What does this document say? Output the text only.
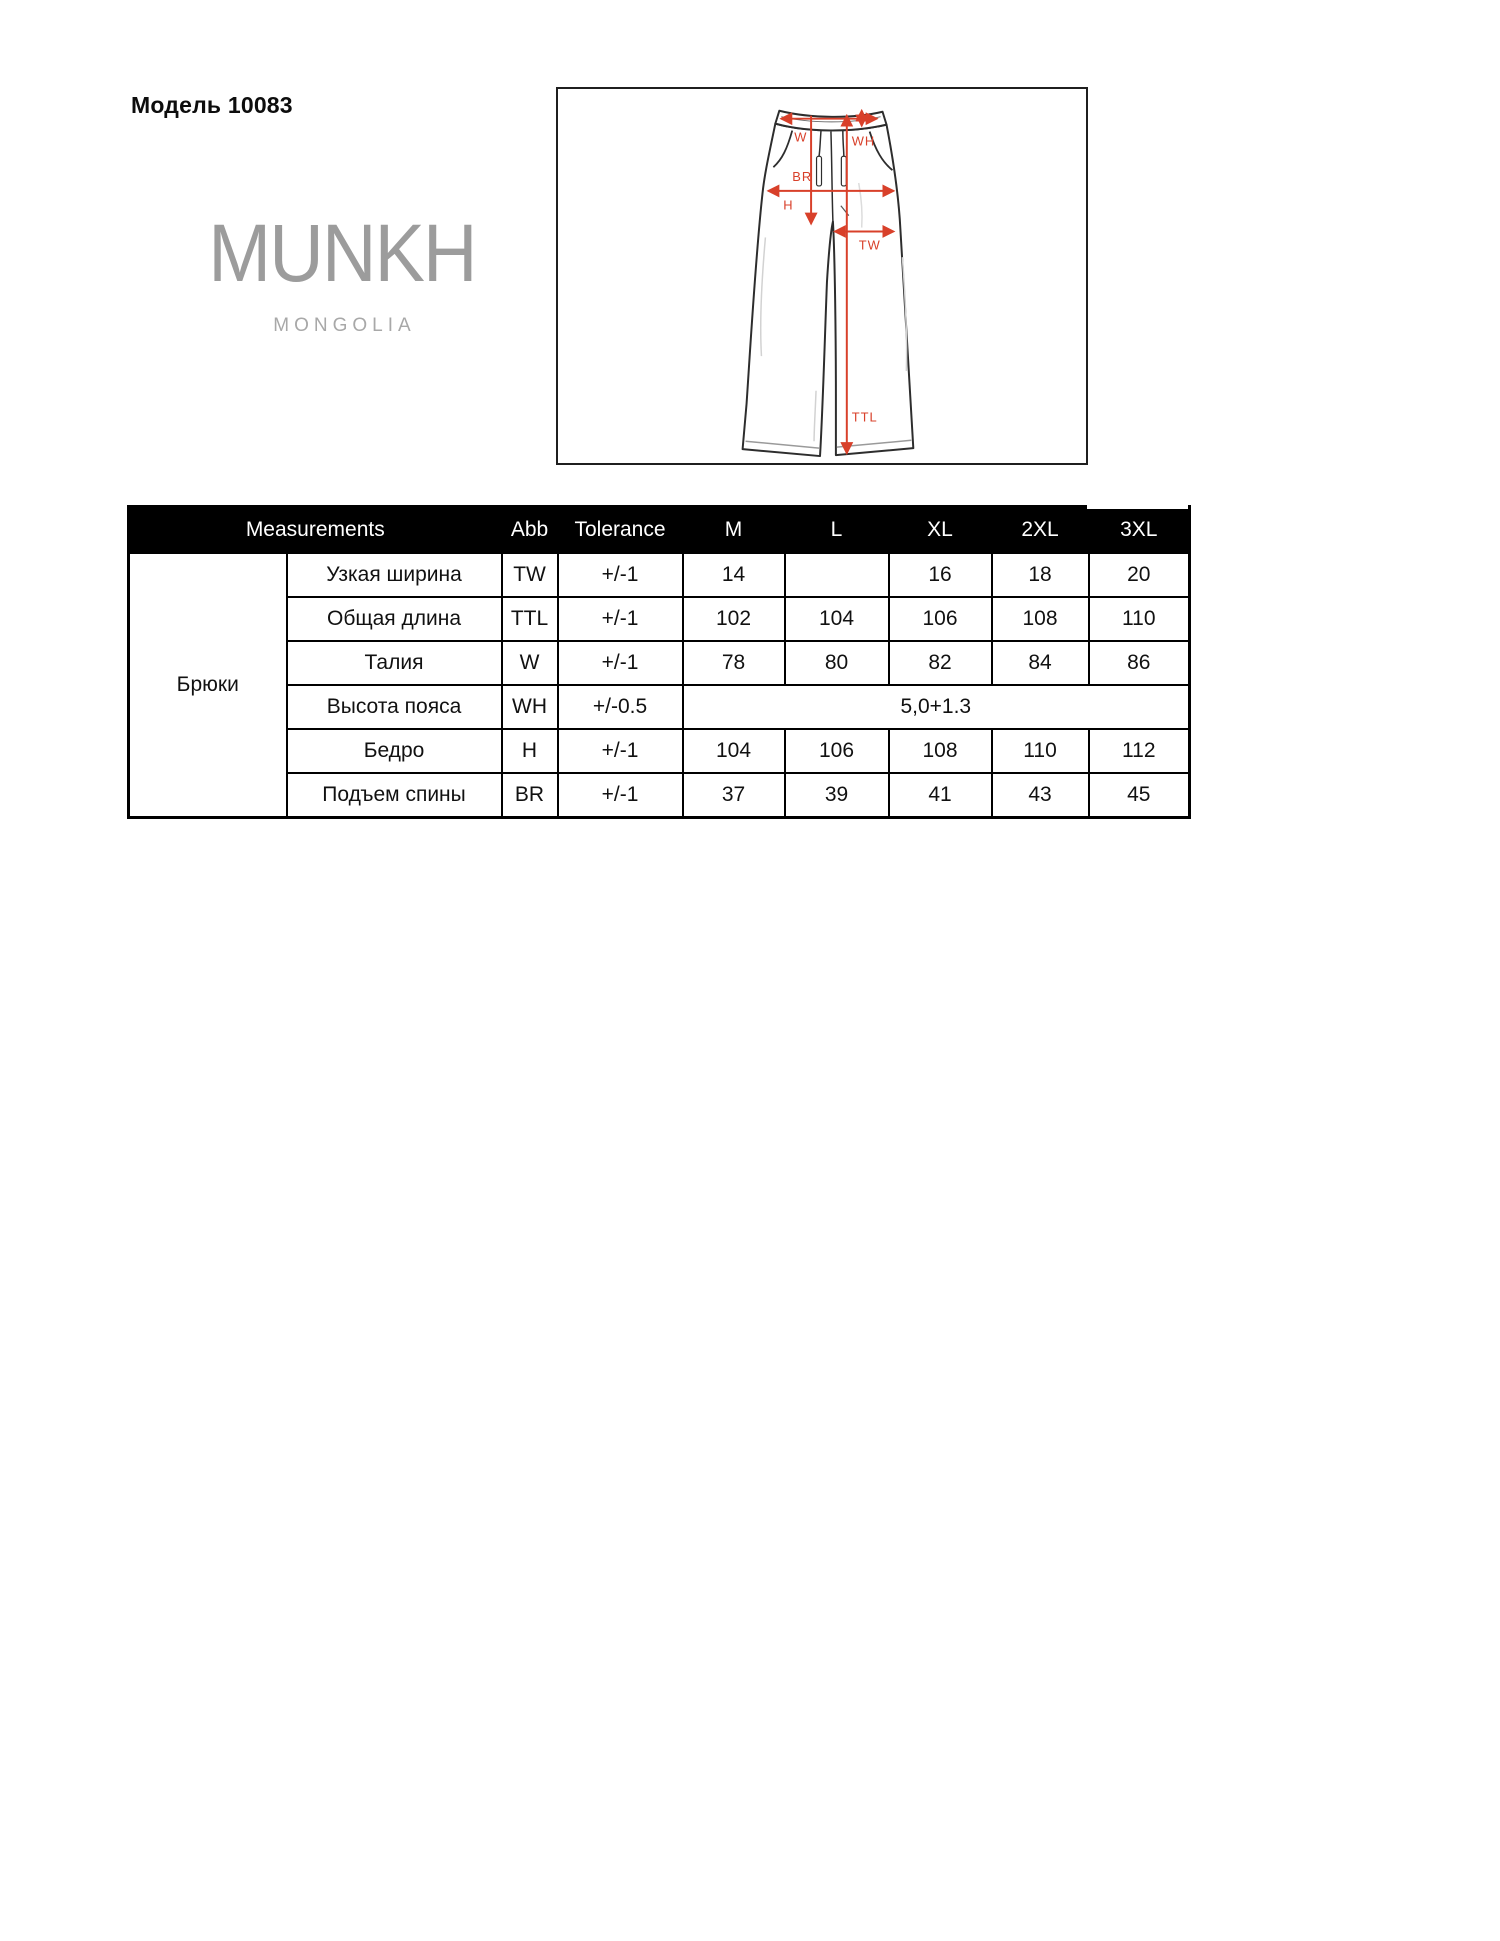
Модель 10083
MUNKH
MONGOLIA
W	WH
BR
H
TW
TTL
Measurements		Abb	Tolerance	M	L	XL	2XL	3XL
Брюки	Узкая ширина	TW	+/-1	14		16	18	20
	Общая длина	TTL	+/-1	102	104	106	108	110
	Талия	W	+/-1	78	80	82	84	86
	Высота пояса	WH	+/-0.5	5,0+1.3				
	Бедро	H	+/-1	104	106	108	110	112
	Подъем спины	BR	+/-1	37	39	41	43	45
